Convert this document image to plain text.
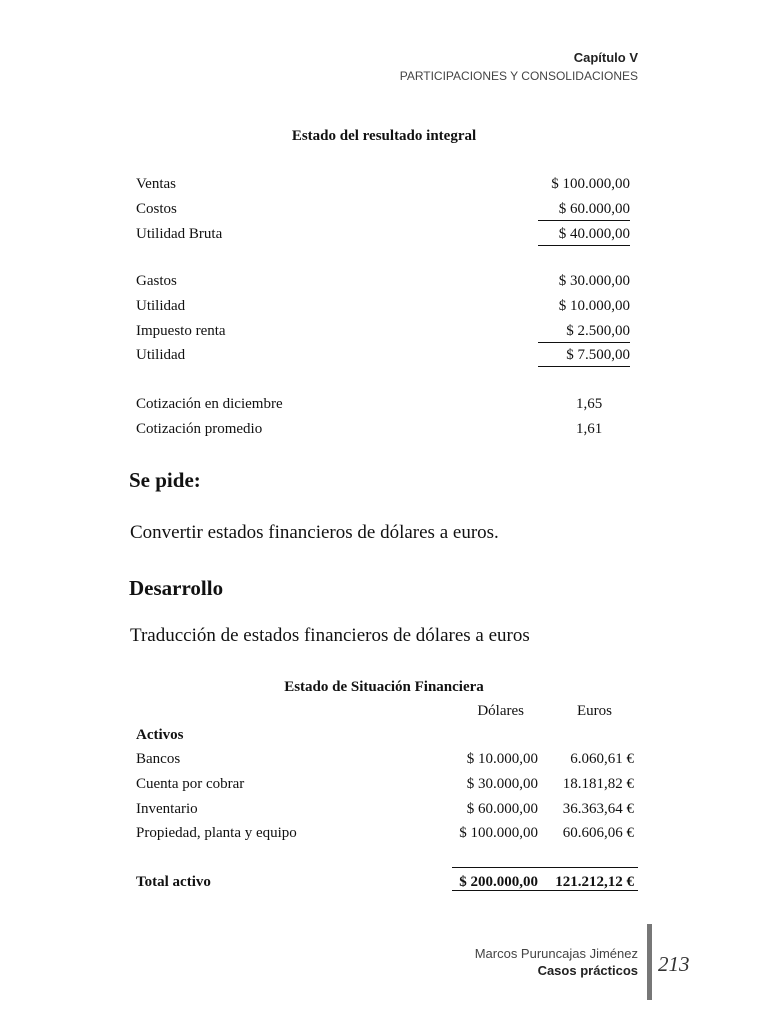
Capítulo V
PARTICIPACIONES Y CONSOLIDACIONES
Estado del resultado integral
Ventas	$ 100.000,00
Costos	$ 60.000,00
Utilidad Bruta	$ 40.000,00
Gastos	$ 30.000,00
Utilidad	$ 10.000,00
Impuesto renta	$ 2.500,00
Utilidad	$ 7.500,00
Cotización en diciembre	1,65
Cotización promedio	1,61
Se pide:
Convertir estados financieros de dólares a euros.
Desarrollo
Traducción de estados financieros de dólares a euros
Estado de Situación Financiera
Dólares	Euros
Activos
Bancos	$ 10.000,00 6.060,61 €
Cuenta por cobrar	$ 30.000,00 18.181,82 €
Inventario	$ 60.000,00 36.363,64 €
Propiedad, planta y equipo	$ 100.000,00 60.606,06 €
Total activo	$ 200.000,00 121.212,12 €
Marcos Puruncajas Jiménez
Casos prácticos 213
